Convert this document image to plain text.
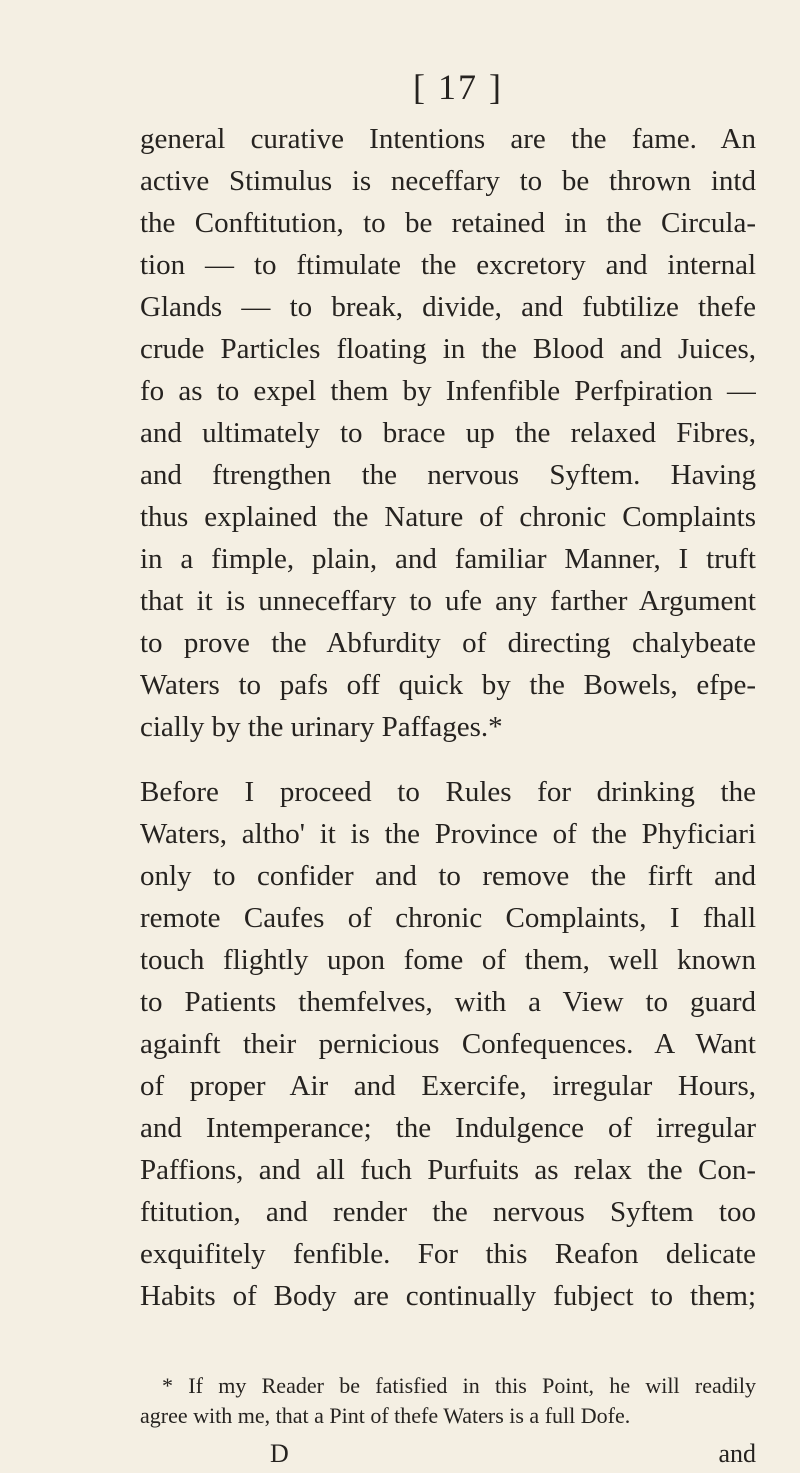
[ 17 ]
general curative Intentions are the fame. An
active Stimulus is neceffary to be thrown intd
the Conftitution, to be retained in the Circula-
tion — to ftimulate the excretory and internal
Glands — to break, divide, and fubtilize thefe
crude Particles floating in the Blood and Juices,
fo as to expel them by Infenfible Perfpiration —
and ultimately to brace up the relaxed Fibres,
and ftrengthen the nervous Syftem. Having
thus explained the Nature of chronic Complaints
in a fimple, plain, and familiar Manner, I truft
that it is unneceffary to ufe any farther Argument
to prove the Abfurdity of directing chalybeate
Waters to pafs off quick by the Bowels, efpe-
cially by the urinary Paffages.*
Before I proceed to Rules for drinking the
Waters, altho' it is the Province of the Phyficiari
only to confider and to remove the firft and
remote Caufes of chronic Complaints, I fhall
touch flightly upon fome of them, well known
to Patients themfelves, with a View to guard
againft their pernicious Confequences. A Want
of proper Air and Exercife, irregular Hours,
and Intemperance; the Indulgence of irregular
Paffions, and all fuch Purfuits as relax the Con-
ftitution, and render the nervous Syftem too
exquifitely fenfible. For this Reafon delicate
Habits of Body are continually fubject to them;
* If my Reader be fatisfied in this Point, he will readily
agree with me, that a Pint of thefe Waters is a full Dofe.
D	and
